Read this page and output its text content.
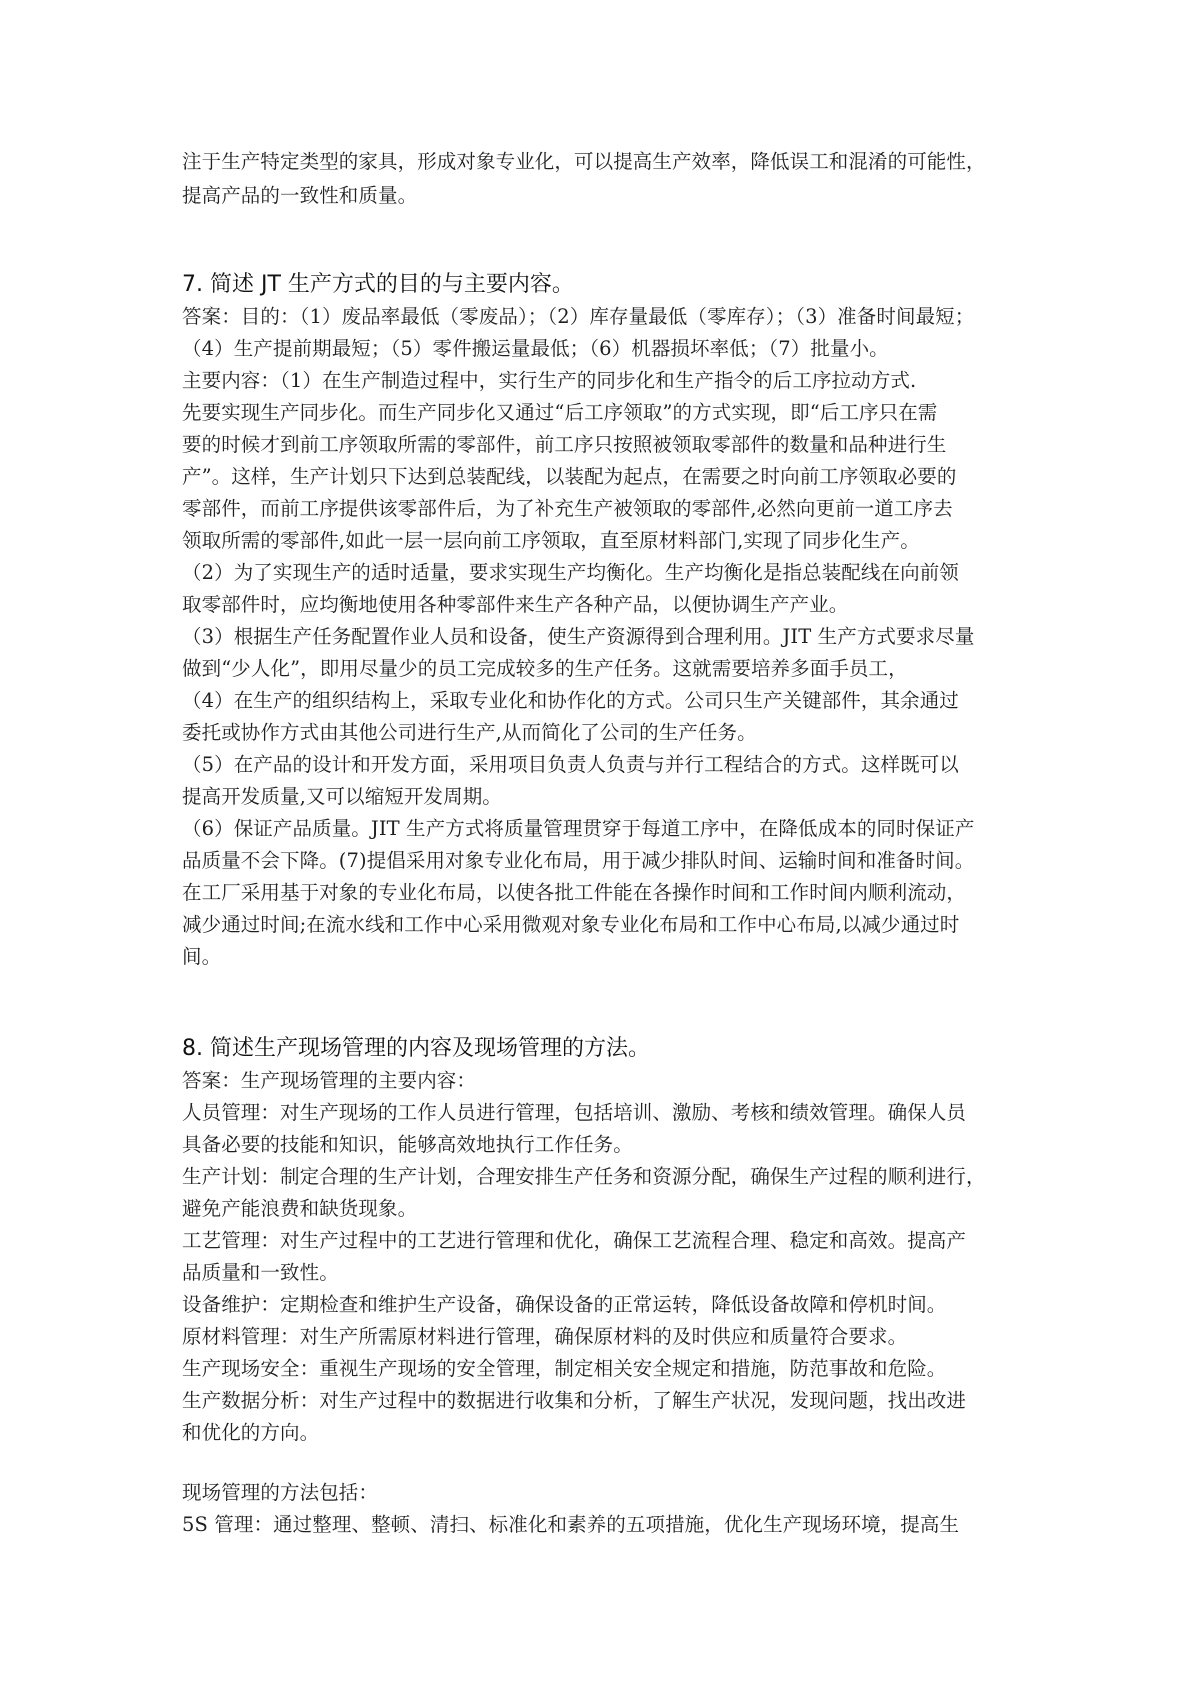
注于生产特定类型的家具，形成对象专业化，可以提高生产效率，降低误工和混淆的可能性，
提高产品的一致性和质量。
7. 简述 JT 生产方式的目的与主要内容。
答案：目的：（1）废品率最低（零废品）；（2）库存量最低（零库存）；（3）准备时间最短；
（4）生产提前期最短；（5）零件搬运量最低；（6）机器损坏率低；（7）批量小。
主要内容：（1）在生产制造过程中，实行生产的同步化和生产指令的后工序拉动方式.
先要实现生产同步化。而生产同步化又通过“后工序领取”的方式实现，即“后工序只在需
要的时候才到前工序领取所需的零部件，前工序只按照被领取零部件的数量和品种进行生
产”。这样，生产计划只下达到总装配线，以装配为起点，在需要之时向前工序领取必要的
零部件，而前工序提供该零部件后，为了补充生产被领取的零部件,必然向更前一道工序去
领取所需的零部件,如此一层一层向前工序领取，直至原材料部门,实现了同步化生产。
（2）为了实现生产的适时适量，要求实现生产均衡化。生产均衡化是指总装配线在向前领
取零部件时，应均衡地使用各种零部件来生产各种产品，以便协调生产产业。
（3）根据生产任务配置作业人员和设备，使生产资源得到合理利用。JIT 生产方式要求尽量
做到“少人化”，即用尽量少的员工完成较多的生产任务。这就需要培养多面手员工，
（4）在生产的组织结构上，采取专业化和协作化的方式。公司只生产关键部件，其余通过
委托或协作方式由其他公司进行生产,从而简化了公司的生产任务。
（5）在产品的设计和开发方面，采用项目负责人负责与并行工程结合的方式。这样既可以
提高开发质量,又可以缩短开发周期。
（6）保证产品质量。JIT 生产方式将质量管理贯穿于每道工序中，在降低成本的同时保证产
品质量不会下降。(7)提倡采用对象专业化布局，用于减少排队时间、运输时间和准备时间。
在工厂采用基于对象的专业化布局，以使各批工件能在各操作时间和工作时间内顺利流动，
减少通过时间;在流水线和工作中心采用微观对象专业化布局和工作中心布局,以减少通过时
间。
8. 简述生产现场管理的内容及现场管理的方法。
答案：生产现场管理的主要内容：
人员管理：对生产现场的工作人员进行管理，包括培训、激励、考核和绩效管理。确保人员
具备必要的技能和知识，能够高效地执行工作任务。
生产计划：制定合理的生产计划，合理安排生产任务和资源分配，确保生产过程的顺利进行，
避免产能浪费和缺货现象。
工艺管理：对生产过程中的工艺进行管理和优化，确保工艺流程合理、稳定和高效。提高产
品质量和一致性。
设备维护：定期检查和维护生产设备，确保设备的正常运转，降低设备故障和停机时间。
原材料管理：对生产所需原材料进行管理，确保原材料的及时供应和质量符合要求。
生产现场安全：重视生产现场的安全管理，制定相关安全规定和措施，防范事故和危险。
生产数据分析：对生产过程中的数据进行收集和分析，了解生产状况，发现问题，找出改进
和优化的方向。
现场管理的方法包括：
5S 管理：通过整理、整顿、清扫、标准化和素养的五项措施，优化生产现场环境，提高生
